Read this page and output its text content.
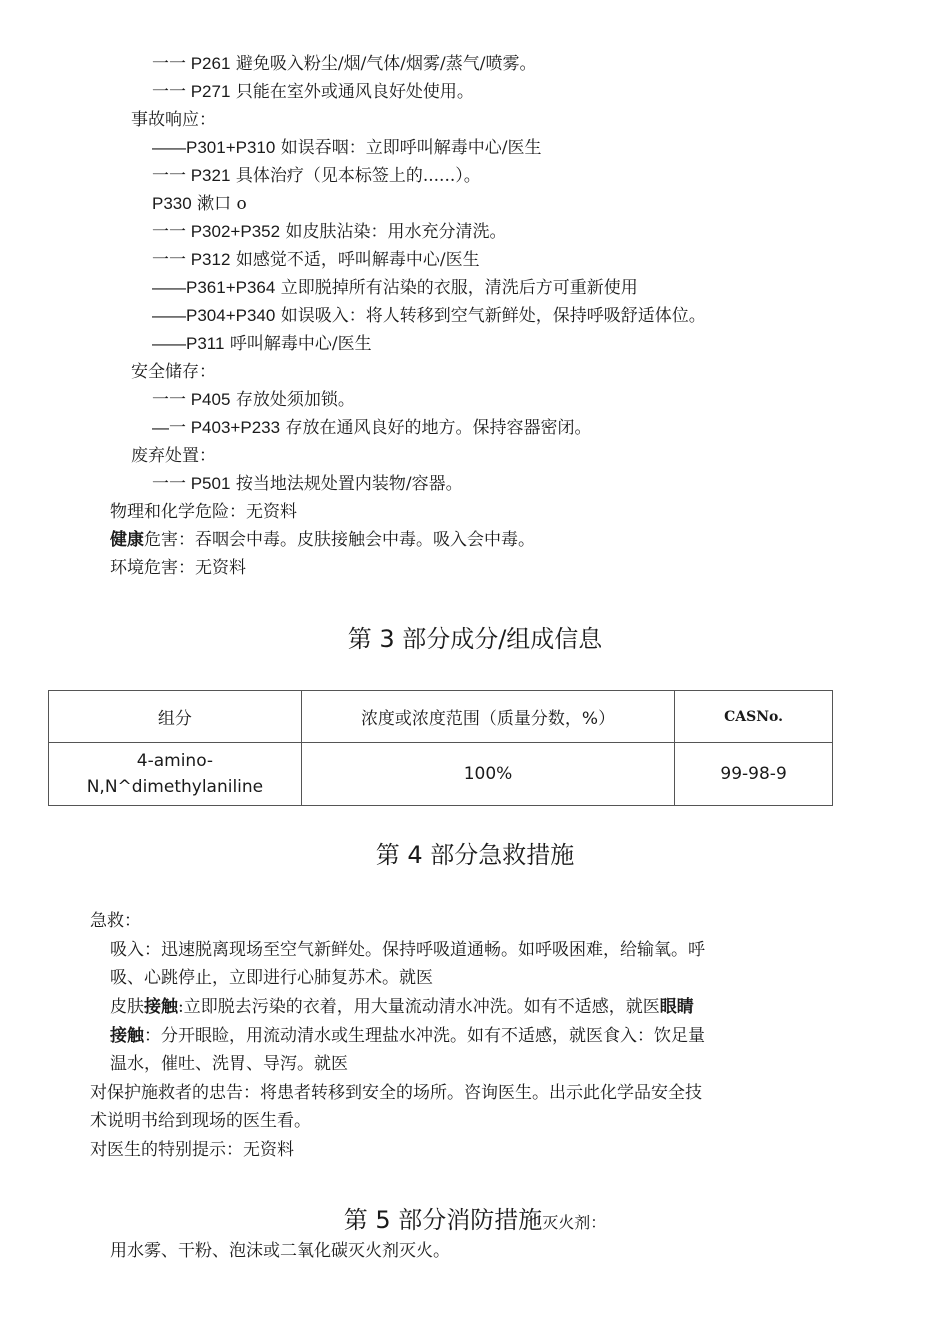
一一 P261 避免吸入粉尘/烟/气体/烟雾/蒸气/喷雾。
一一 P271 只能在室外或通风良好处使用。
事故响应：
——P301+P310 如误吞咽：立即呼叫解毒中心/医生
一一 P321 具体治疗（见本标签上的......）。
P330 漱口 o
一一 P302+P352 如皮肤沾染：用水充分清洗。
一一 P312 如感觉不适，呼叫解毒中心/医生
——P361+P364 立即脱掉所有沾染的衣服，清洗后方可重新使用
——P304+P340 如误吸入：将人转移到空气新鲜处，保持呼吸舒适体位。
——P311 呼叫解毒中心/医生
安全储存：
一一 P405 存放处须加锁。
—一 P403+P233 存放在通风良好的地方。保持容器密闭。
废弃处置：
一一 P501 按当地法规处置内装物/容器。
物理和化学危险：无资料
健康危害：吞咽会中毒。皮肤接触会中毒。吸入会中毒。
环境危害：无资料
第 3 部分成分/组成信息
组分	浓度或浓度范围（质量分数，%）	CASNo.
4-amino-
N,N^dimethylaniline	100%	99-98-9
第 4 部分急救措施
急救：
吸入：迅速脱离现场至空气新鲜处。保持呼吸道通畅。如呼吸困难，给输氧。呼
吸、心跳停止，立即进行心肺复苏术。就医
皮肤接触:立即脱去污染的衣着，用大量流动清水冲洗。如有不适感，就医眼睛
接触：分开眼睑，用流动清水或生理盐水冲洗。如有不适感，就医食入：饮足量
温水，催吐、洗胃、导泻。就医
对保护施救者的忠告：将患者转移到安全的场所。咨询医生。出示此化学品安全技
术说明书给到现场的医生看。
对医生的特别提示：无资料
第 5 部分消防措施灭火剂：
用水雾、干粉、泡沫或二氧化碳灭火剂灭火。
